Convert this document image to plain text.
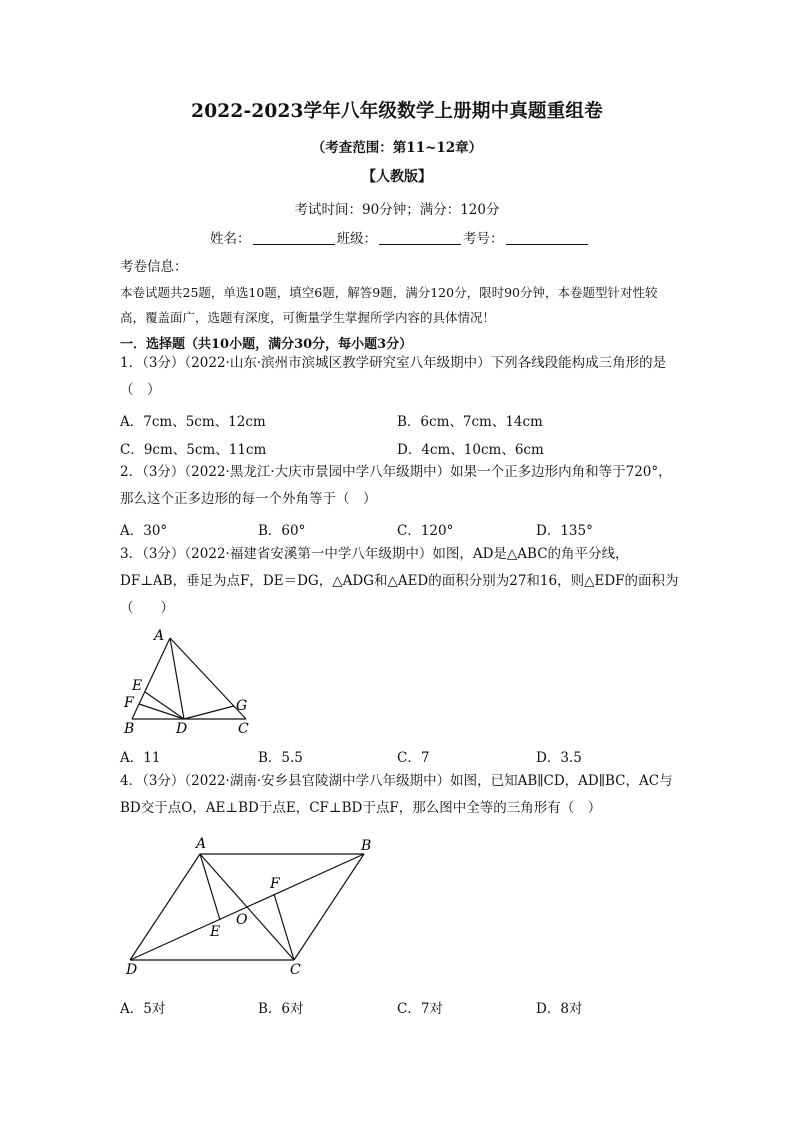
2022-2023学年八年级数学上册期中真题重组卷
（考查范围：第11~12章）
【人教版】
考试时间：90分钟；满分：120分
姓名：	班级：	考号：
考卷信息：
本卷试题共25题，单选10题，填空6题，解答9题，满分120分，限时90分钟，本卷题型针对性较高，覆盖面广，选题有深度，可衡量学生掌握所学内容的具体情况！
一．选择题（共10小题，满分30分，每小题3分）
1．（3分）（2022·山东·滨州市滨城区教学研究室八年级期中）下列各线段能构成三角形的是（　）
A．7cm、5cm、12cm	B．6cm、7cm、14cm
C．9cm、5cm、11cm	D．4cm、10cm、6cm
2．（3分）（2022·黑龙江·大庆市景园中学八年级期中）如果一个正多边形内角和等于720°，那么这个正多边形的每一个外角等于（　）
A．30°	B．60°	C．120°	D．135°
3．（3分）（2022·福建省安溪第一中学八年级期中）如图，AD是△ABC的角平分线，DF⊥AB，垂足为点F，DE＝DG，△ADG和△AED的面积分别为27和16，则△EDF的面积为（　　）
A
E
F
B	D
G
C
A．11	B．5.5	C．7	D．3.5
4．（3分）（2022·湖南·安乡县官陵湖中学八年级期中）如图，已知AB∥CD，AD∥BC，AC与BD交于点O，AE⊥BD于点E，CF⊥BD于点F，那么图中全等的三角形有（　）
A	B
F
O
E
D	C
A．5对	B．6对	C．7对	D．8对
